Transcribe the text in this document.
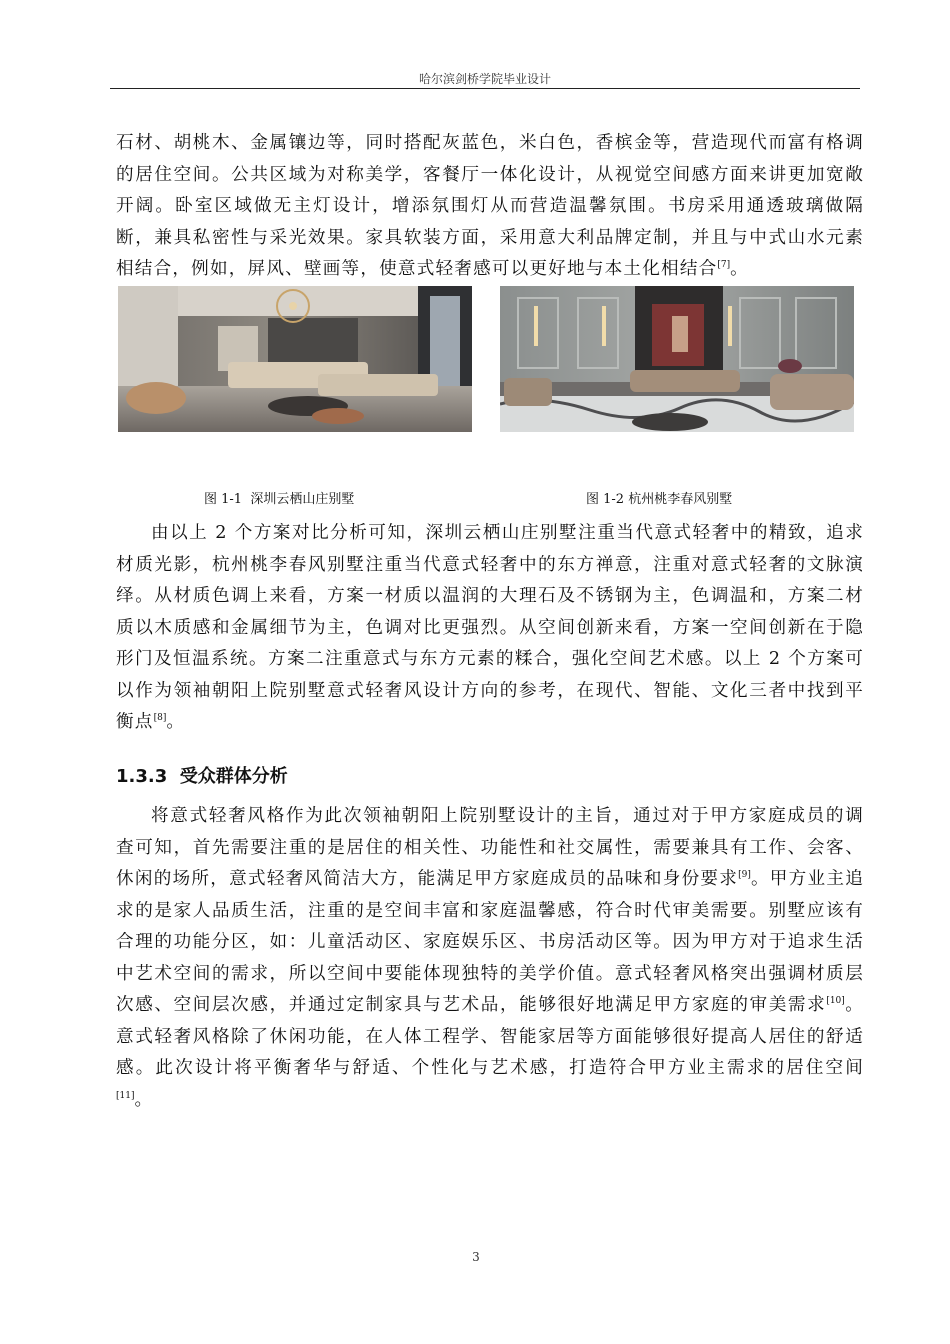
哈尔滨剑桥学院毕业设计

石材、胡桃木、金属镶边等，同时搭配灰蓝色，米白色，香槟金等，营造现代而富有格调的居住空间。公共区域为对称美学，客餐厅一体化设计，从视觉空间感方面来讲更加宽敞开阔。卧室区域做无主灯设计，增添氛围灯从而营造温馨氛围。书房采用通透玻璃做隔断，兼具私密性与采光效果。家具软装方面，采用意大利品牌定制，并且与中式山水元素相结合，例如，屏风、壁画等，使意式轻奢感可以更好地与本土化相结合[7]。

图 1-1  深圳云栖山庄别墅	图 1-2 杭州桃李春风别墅

由以上 2 个方案对比分析可知，深圳云栖山庄别墅注重当代意式轻奢中的精致，追求 材质光影，杭州桃李春风别墅注重当代意式轻奢中的东方禅意，注重对意式轻奢的文脉演 绎。从材质色调上来看，方案一材质以温润的大理石及不锈钢为主，色调温和，方案二材 质以木质感和金属细节为主，色调对比更强烈。从空间创新来看，方案一空间创新在于隐 形门及恒温系统。方案二注重意式与东方元素的糅合，强化空间艺术感。以上 2 个方案可 以作为领袖朝阳上院别墅意式轻奢风设计方向的参考，在现代、智能、文化三者中找到平 衡点[8]。

1.3.3 受众群体分析

将意式轻奢风格作为此次领袖朝阳上院别墅设计的主旨，通过对于甲方家庭成员的调查可知，首先需要注重的是居住的相关性、功能性和社交属性，需要兼具有工作、会客、休闲的场所，意式轻奢风简洁大方，能满足甲方家庭成员的品味和身份要求[9]。甲方业主追求的是家人品质生活，注重的是空间丰富和家庭温馨感，符合时代审美需要。别墅应该有合理的功能分区，如：儿童活动区、家庭娱乐区、书房活动区等。因为甲方对于追求生活中艺术空间的需求，所以空间中要能体现独特的美学价值。意式轻奢风格突出强调材质层次感、空间层次感，并通过定制家具与艺术品，能够很好地满足甲方家庭的审美需求[10]。 意式轻奢风格除了休闲功能，在人体工程学、智能家居等方面能够很好提高人居住的舒适 感。此次设计将平衡奢华与舒适、个性化与艺术感，打造符合甲方业主需求的居住空间[11]。

3
